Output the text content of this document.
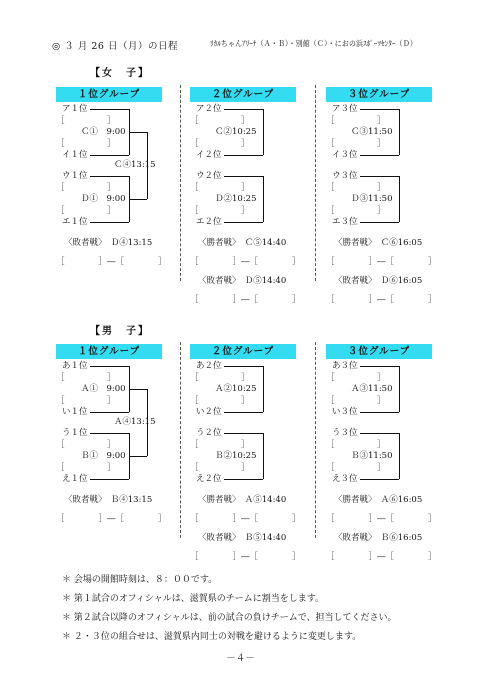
◎ ３ 月 26 日（月）の日程	ﾘｶﾙちゃんｱﾘｰﾅ（Ａ・Ｂ）・別館（Ｃ）・におの浜ｽﾎﾟｰﾂｾﾝﾀｰ（Ｄ）
【女　子】
１位グループ
ア１位
［　　　　　］
Ｃ①　9:00
［　　　　　］
イ１位
ウ１位
［　　　　　］
Ｄ①　9:00
［　　　　　］
エ１位
Ｃ④13:15
〈敗者戦〉　Ｄ④13:15
［　　　　］―［　　　　］
２位グループ
ア２位
［　　　　　］
Ｃ②10:25
［　　　　　］
イ２位
ウ２位
［　　　　　］
Ｄ②10:25
［　　　　　］
エ２位
〈勝者戦〉　Ｃ⑤14:40
［　　　　］―［　　　　］
〈敗者戦〉　Ｄ⑤14:40
［　　　　］―［　　　　］
３位グループ
ア３位
［　　　　　］
Ｃ③11:50
［　　　　　］
イ３位
ウ３位
［　　　　　］
Ｄ③11:50
［　　　　　］
エ３位
〈勝者戦〉　Ｃ⑥16:05
［　　　　］―［　　　　］
〈敗者戦〉　Ｄ⑥16:05
［　　　　］―［　　　　］
【男　子】
１位グループ
あ１位
［　　　　　］
Ａ①　9:00
［　　　　　］
い１位
う１位
［　　　　　］
Ｂ①　9:00
［　　　　　］
え１位
Ａ④13:15
〈敗者戦〉　Ｂ④13:15
［　　　　］―［　　　　］
２位グループ
あ２位
［　　　　　］
Ａ②10:25
［　　　　　］
い２位
う２位
［　　　　　］
Ｂ②10:25
［　　　　　］
え２位
〈勝者戦〉　Ａ⑤14:40
［　　　　］―［　　　　］
〈敗者戦〉　Ｂ⑤14:40
［　　　　］―［　　　　］
３位グループ
あ３位
［　　　　　］
Ａ③11:50
［　　　　　］
い３位
う３位
［　　　　　］
Ｂ③11:50
［　　　　　］
え３位
〈勝者戦〉　Ａ⑥16:05
［　　　　］―［　　　　］
〈敗者戦〉　Ｂ⑥16:05
［　　　　］―［　　　　］
＊ 会場の開館時刻は、８：００です。
＊ 第１試合のオフィシャルは、滋賀県のチームに割当をします。
＊ 第２試合以降のオフィシャルは、前の試合の負けチームで、担当してください。
＊ ２・３位の組合せは、滋賀県内同士の対戦を避けるように変更します。
－４－
